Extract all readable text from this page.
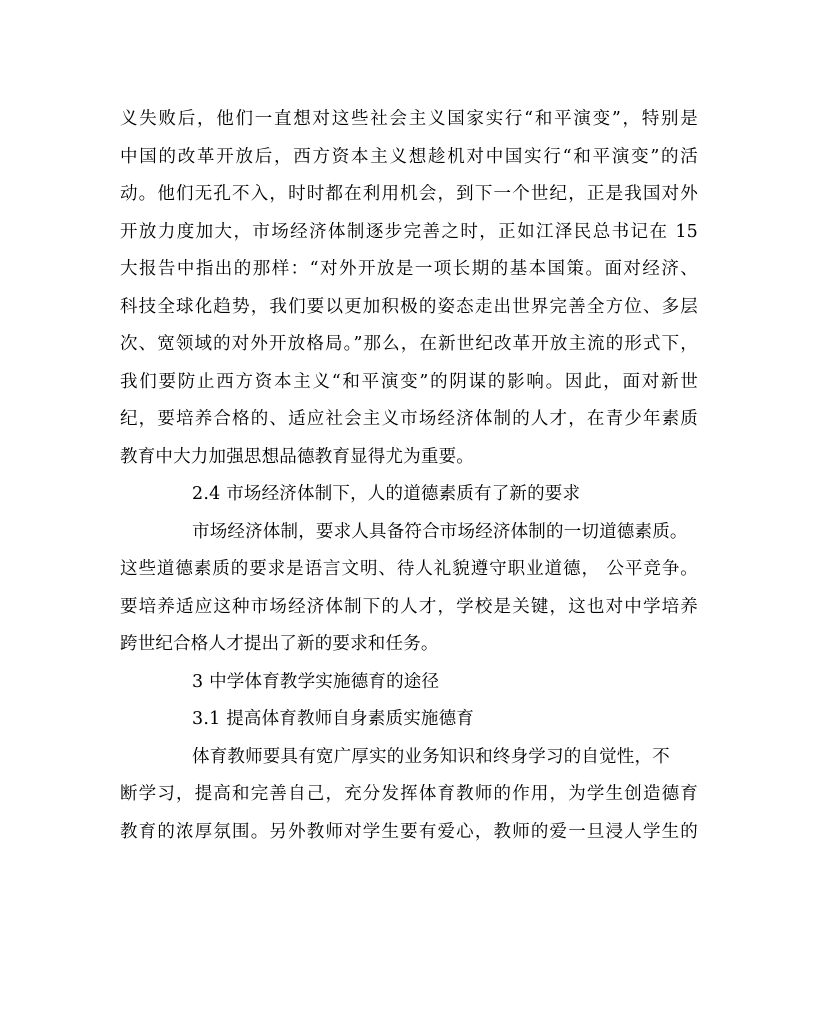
义失败后，他们一直想对这些社会主义国家实行“和平演变”，特别是
中国的改革开放后，西方资本主义想趁机对中国实行“和平演变”的活
动。他们无孔不入，时时都在利用机会，到下一个世纪，正是我国对外
开放力度加大，市场经济体制逐步完善之时，正如江泽民总书记在 15
大报告中指出的那样：“对外开放是一项长期的基本国策。面对经济、
科技全球化趋势，我们要以更加积极的姿态走出世界完善全方位、多层
次、宽领域的对外开放格局。”那么，在新世纪改革开放主流的形式下，
我们要防止西方资本主义“和平演变”的阴谋的影响。因此，面对新世
纪，要培养合格的、适应社会主义市场经济体制的人才，在青少年素质
教育中大力加强思想品德教育显得尤为重要。
2.4 市场经济体制下，人的道德素质有了新的要求
市场经济体制，要求人具备符合市场经济体制的一切道德素质。
这些道德素质的要求是语言文明、待人礼貌遵守职业道德， 公平竞争。
要培养适应这种市场经济体制下的人才，学校是关键，这也对中学培养
跨世纪合格人才提出了新的要求和任务。
3 中学体育教学实施德育的途径
3.1 提高体育教师自身素质实施德育
体育教师要具有宽广厚实的业务知识和终身学习的自觉性，不
断学习，提高和完善自己，充分发挥体育教师的作用，为学生创造德育
教育的浓厚氛围。另外教师对学生要有爱心，教师的爱一旦浸人学生的
